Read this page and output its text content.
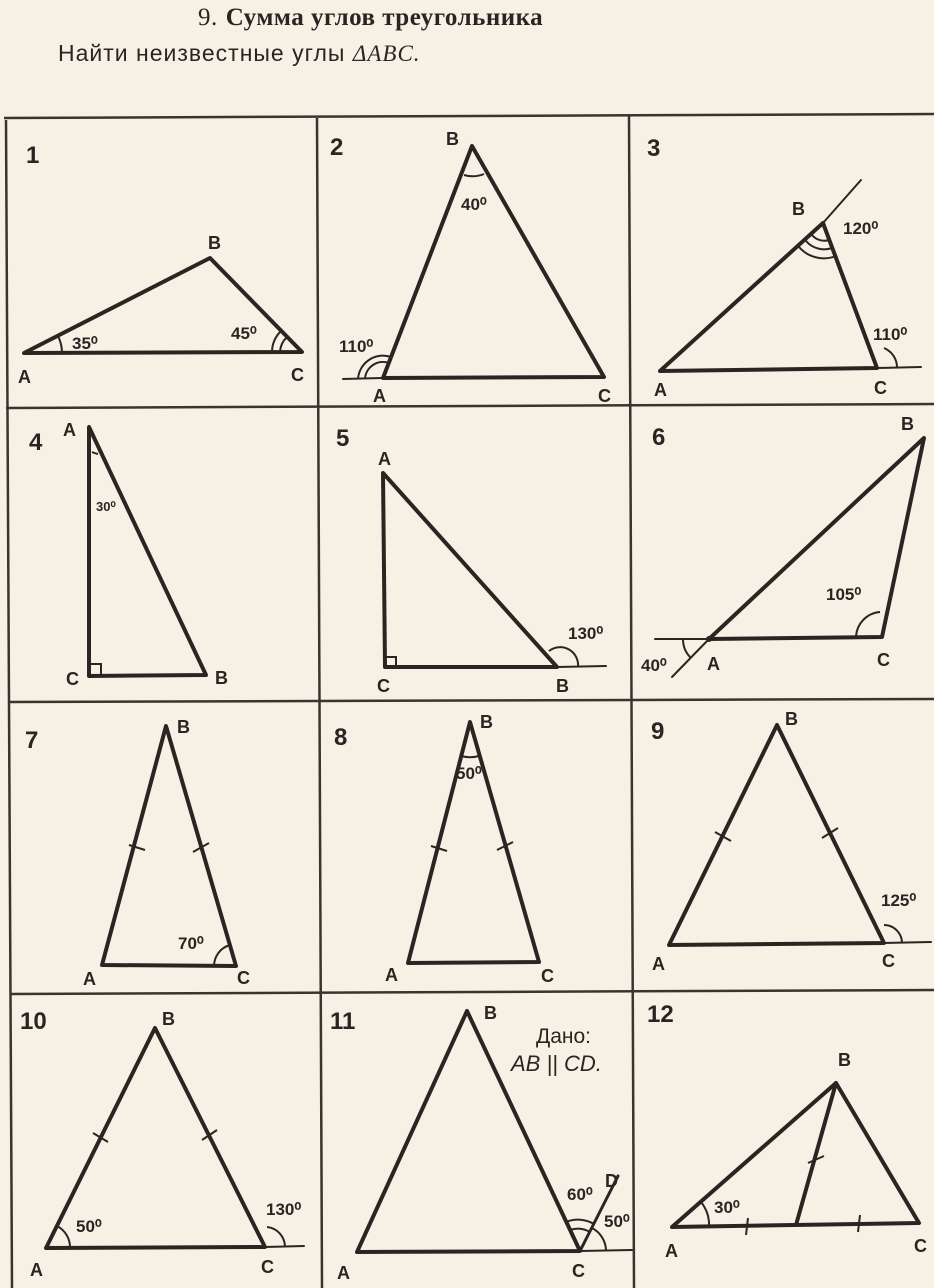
9. Сумма углов треугольника
Найти неизвестные углы ΔABC.
1
A
B
C
35⁰
45⁰
2	B
A	C
40⁰
110⁰
3
B
A	C
120⁰
110⁰
4 A
C	B
30⁰
5
A
C	B
130⁰
6	B
A	C
105⁰
40⁰
7	B
A	C
70⁰
8
B
A	C
50⁰
9	B
A	C
125⁰
10	B
A	C
50⁰
130⁰
11	B
A	C
D
60⁰
50⁰
Дано:
AB || CD.
12
B
A	C
30⁰
